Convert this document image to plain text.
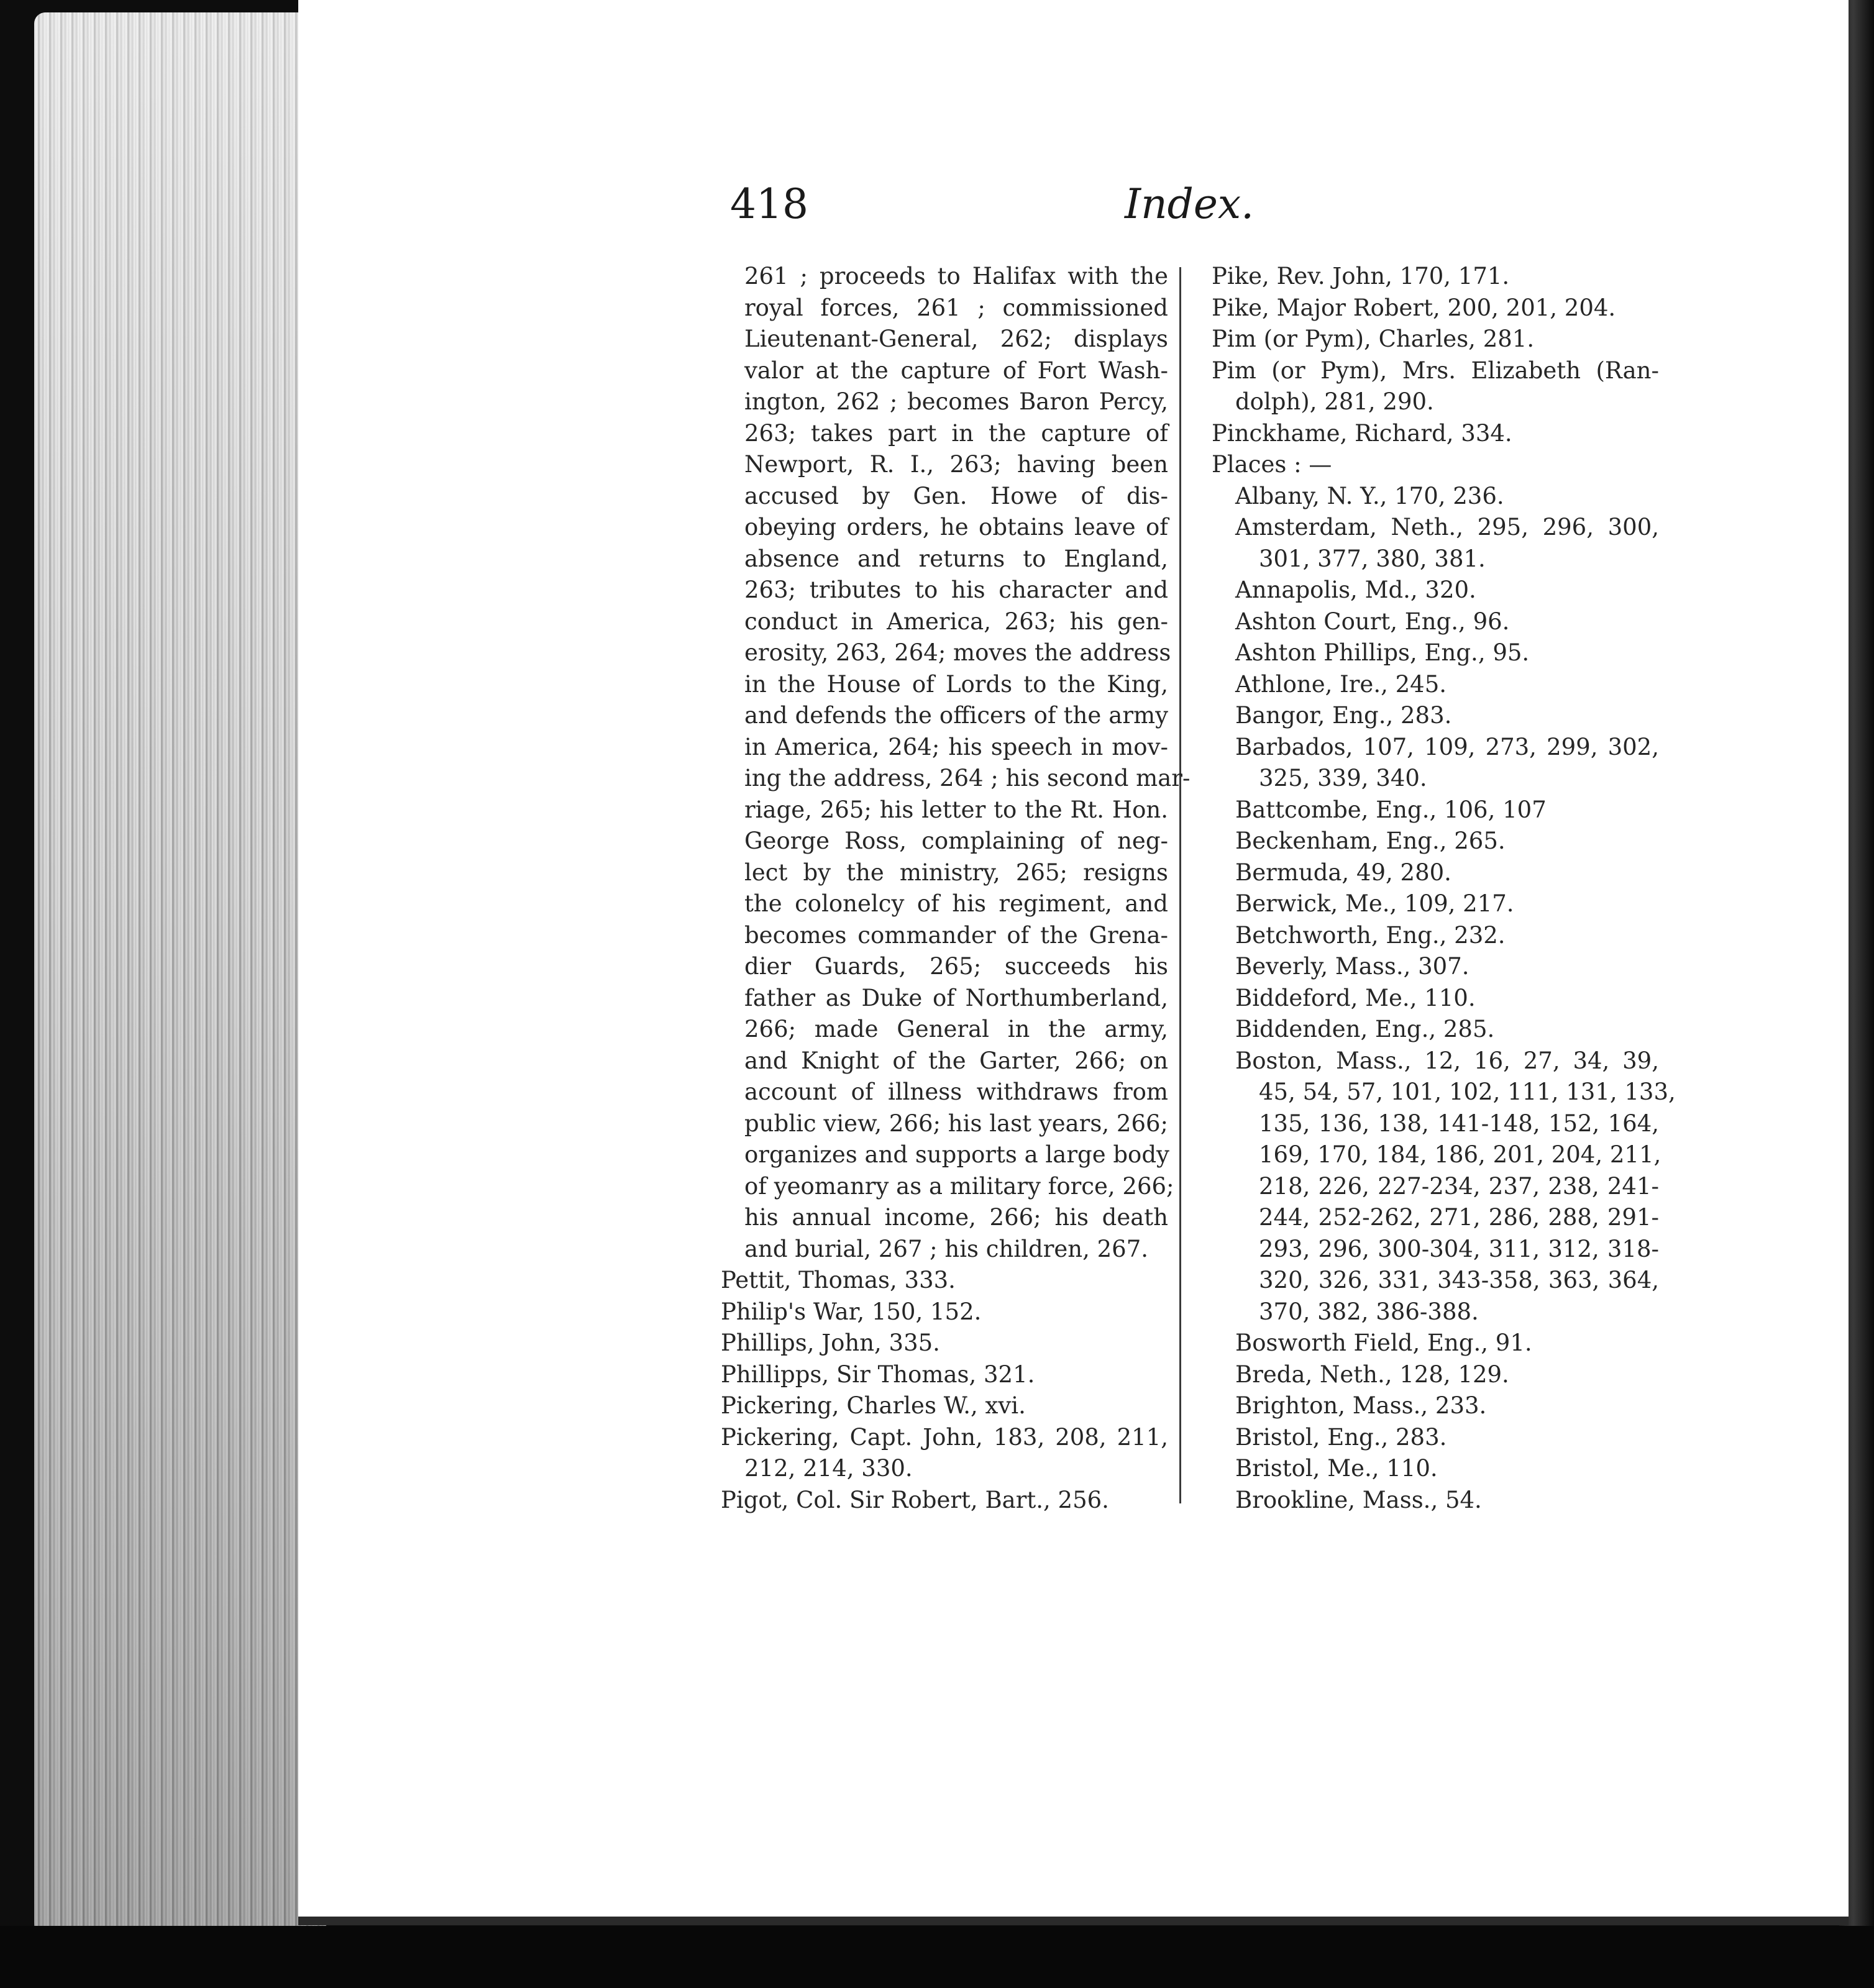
418	Index.
261 ; proceeds to Halifax with the
royal forces, 261 ; commissioned
Lieutenant-General, 262; displays
valor at the capture of Fort Wash-
ington, 262 ; becomes Baron Percy,
263; takes part in the capture of
Newport, R. I., 263; having been
accused by Gen. Howe of dis-
obeying orders, he obtains leave of
absence and returns to England,
263; tributes to his character and
conduct in America, 263; his gen-
erosity, 263, 264; moves the address
in the House of Lords to the King,
and defends the officers of the army
in America, 264; his speech in mov-
ing the address, 264 ; his second mar-
riage, 265; his letter to the Rt. Hon.
George Ross, complaining of neg-
lect by the ministry, 265; resigns
the colonelcy of his regiment, and
becomes commander of the Grena-
dier Guards, 265; succeeds his
father as Duke of Northumberland,
266; made General in the army,
and Knight of the Garter, 266; on
account of illness withdraws from
public view, 266; his last years, 266;
organizes and supports a large body
of yeomanry as a military force, 266;
his annual income, 266; his death
and burial, 267 ; his children, 267.
Pettit, Thomas, 333.
Philip's War, 150, 152.
Phillips, John, 335.
Phillipps, Sir Thomas, 321.
Pickering, Charles W., xvi.
Pickering, Capt. John, 183, 208, 211,
212, 214, 330.
Pigot, Col. Sir Robert, Bart., 256.
Pike, Rev. John, 170, 171.
Pike, Major Robert, 200, 201, 204.
Pim (or Pym), Charles, 281.
Pim (or Pym), Mrs. Elizabeth (Ran-
dolph), 281, 290.
Pinckhame, Richard, 334.
Places : —
Albany, N. Y., 170, 236.
Amsterdam, Neth., 295, 296, 300,
301, 377, 380, 381.
Annapolis, Md., 320.
Ashton Court, Eng., 96.
Ashton Phillips, Eng., 95.
Athlone, Ire., 245.
Bangor, Eng., 283.
Barbados, 107, 109, 273, 299, 302,
325, 339, 340.
Battcombe, Eng., 106, 107
Beckenham, Eng., 265.
Bermuda, 49, 280.
Berwick, Me., 109, 217.
Betchworth, Eng., 232.
Beverly, Mass., 307.
Biddeford, Me., 110.
Biddenden, Eng., 285.
Boston, Mass., 12, 16, 27, 34, 39,
45, 54, 57, 101, 102, 111, 131, 133,
135, 136, 138, 141-148, 152, 164,
169, 170, 184, 186, 201, 204, 211,
218, 226, 227-234, 237, 238, 241-
244, 252-262, 271, 286, 288, 291-
293, 296, 300-304, 311, 312, 318-
320, 326, 331, 343-358, 363, 364,
370, 382, 386-388.
Bosworth Field, Eng., 91.
Breda, Neth., 128, 129.
Brighton, Mass., 233.
Bristol, Eng., 283.
Bristol, Me., 110.
Brookline, Mass., 54.
